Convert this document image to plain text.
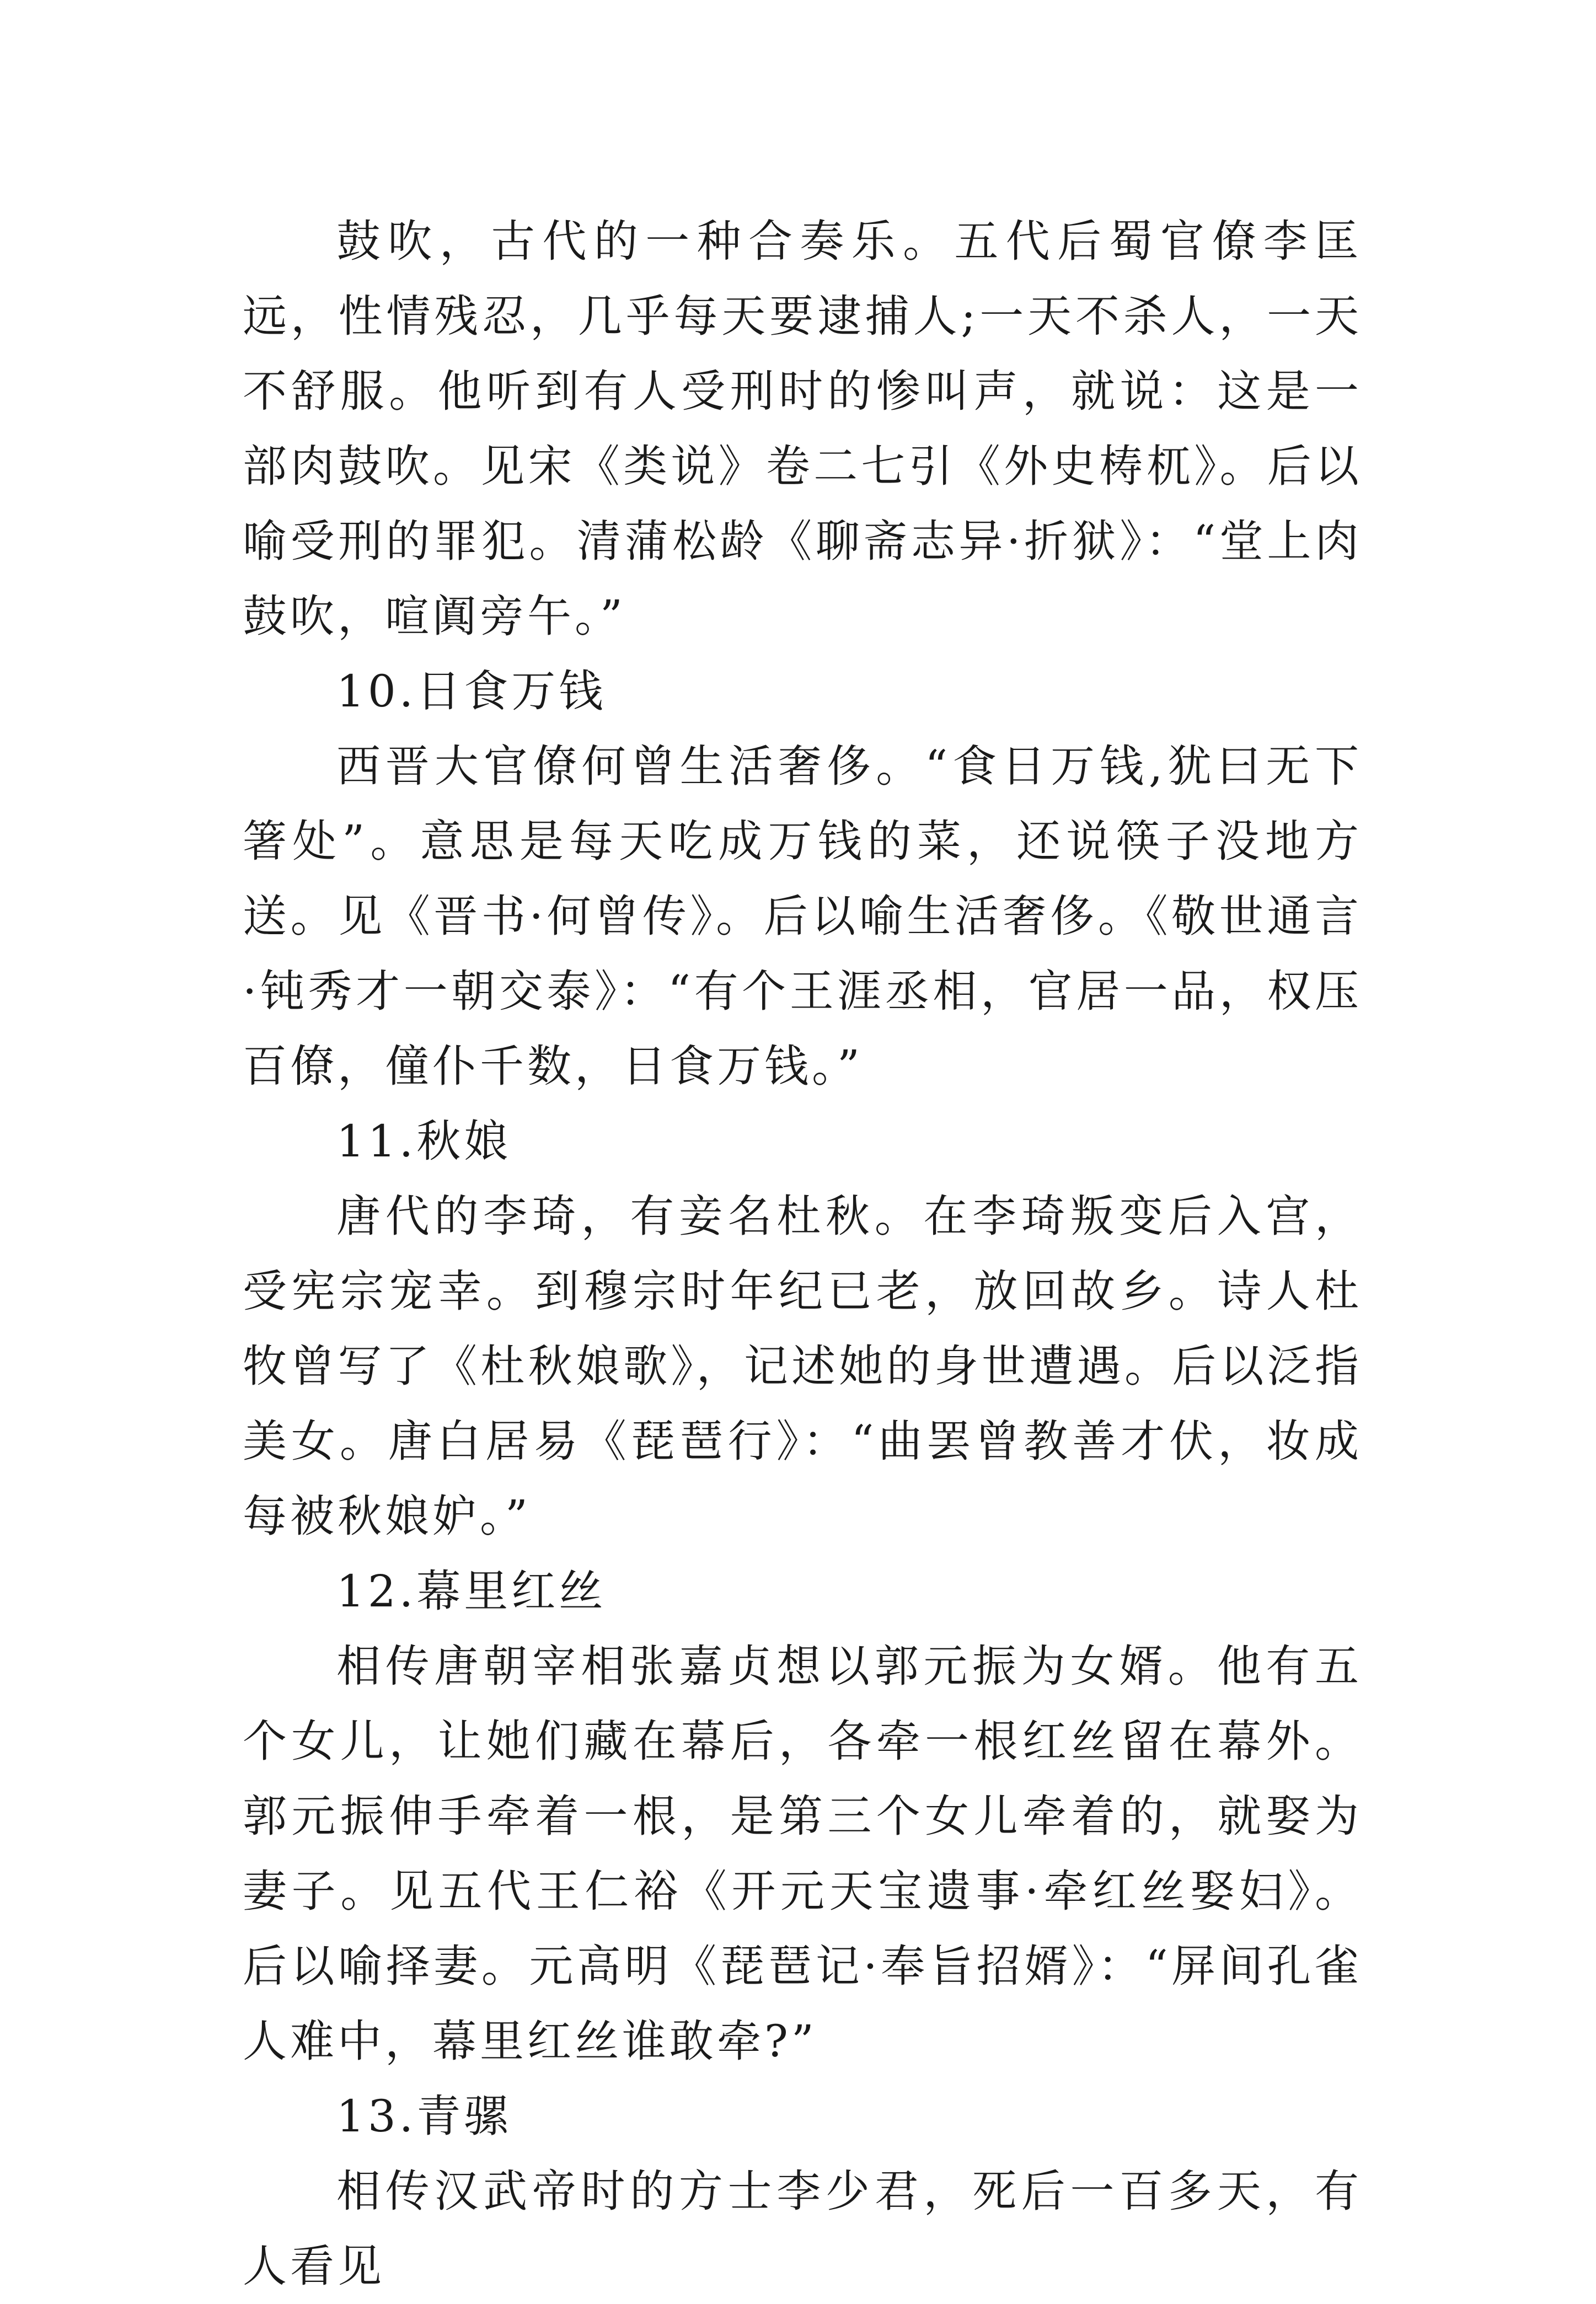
鼓吹，古代的一种合奏乐。五代后蜀官僚李匡远，性情残忍，几乎每天要逮捕人;一天不杀人，一天不舒服。他听到有人受刑时的惨叫声，就说：这是一部肉鼓吹。见宋《类说》卷二七引《外史梼杌》。后以喻受刑的罪犯。清蒲松龄《聊斋志异·折狱》：“堂上肉鼓吹，喧阗旁午。”

10.日食万钱

西晋大官僚何曾生活奢侈。“食日万钱,犹曰无下箸处”。意思是每天吃成万钱的菜，还说筷子没地方送。见《晋书·何曾传》。后以喻生活奢侈。《敬世通言·钝秀才一朝交泰》：“有个王涯丞相，官居一品，权压百僚，僮仆千数，日食万钱。”

11.秋娘

唐代的李琦，有妾名杜秋。在李琦叛变后入宫，受宪宗宠幸。到穆宗时年纪已老，放回故乡。诗人杜牧曾写了《杜秋娘歌》，记述她的身世遭遇。后以泛指美女。唐白居易《琵琶行》：“曲罢曾教善才伏，妆成每被秋娘妒。”

12.幕里红丝

相传唐朝宰相张嘉贞想以郭元振为女婿。他有五个女儿，让她们藏在幕后，各牵一根红丝留在幕外。郭元振伸手牵着一根，是第三个女儿牵着的，就娶为妻子。见五代王仁裕《开元天宝遗事·牵红丝娶妇》。后以喻择妻。元高明《琵琶记·奉旨招婿》：“屏间孔雀人难中，幕里红丝谁敢牵?”

13.青骡

相传汉武帝时的方士李少君，死后一百多天，有人看见
